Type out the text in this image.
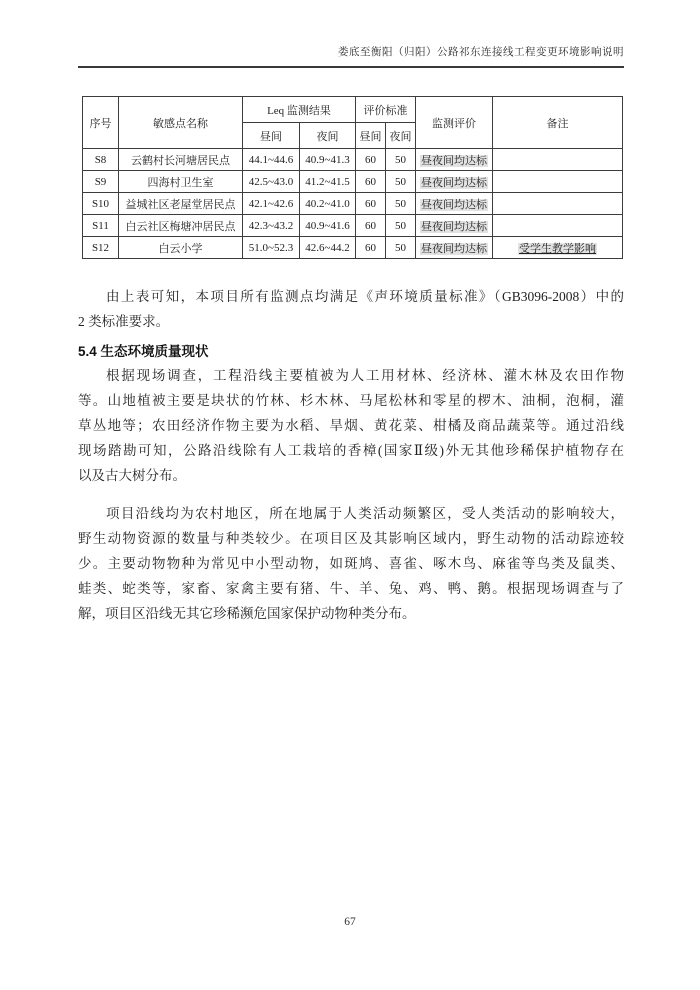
娄底至衡阳（归阳）公路祁东连接线工程变更环境影响说明
序号	敏感点名称	Leq 监测结果		评价标准		监测评价	备注
		昼间	夜间	昼间	夜间		
S8	云鹤村长河塘居民点	44.1~44.6	40.9~41.3	60	50	昼夜间均达标	
S9	四海村卫生室	42.5~43.0	41.2~41.5	60	50	昼夜间均达标	
S10	益城社区老屋堂居民点	42.1~42.6	40.2~41.0	60	50	昼夜间均达标	
S11	白云社区梅塘冲居民点	42.3~43.2	40.9~41.6	60	50	昼夜间均达标	
S12	白云小学	51.0~52.3	42.6~44.2	60	50	昼夜间均达标	受学生教学影响
由上表可知，本项目所有监测点均满足《声环境质量标准》（GB3096-2008）中的
2 类标准要求。
5.4 生态环境质量现状
根据现场调查，工程沿线主要植被为人工用材林、经济林、灌木林及农田作物
等。山地植被主要是块状的竹林、杉木林、马尾松林和零星的椤木、油桐，泡桐，灌
草丛地等；农田经济作物主要为水稻、旱烟、黄花菜、柑橘及商品蔬菜等。通过沿线
现场踏勘可知，公路沿线除有人工栽培的香樟(国家Ⅱ级)外无其他珍稀保护植物存在
以及古大树分布。
项目沿线均为农村地区，所在地属于人类活动频繁区，受人类活动的影响较大，
野生动物资源的数量与种类较少。在项目区及其影响区域内，野生动物的活动踪迹较
少。主要动物物种为常见中小型动物，如斑鸠、喜雀、啄木鸟、麻雀等鸟类及鼠类、
蛙类、蛇类等，家畜、家禽主要有猪、牛、羊、兔、鸡、鸭、鹅。根据现场调查与了
解，项目区沿线无其它珍稀濒危国家保护动物种类分布。
67
